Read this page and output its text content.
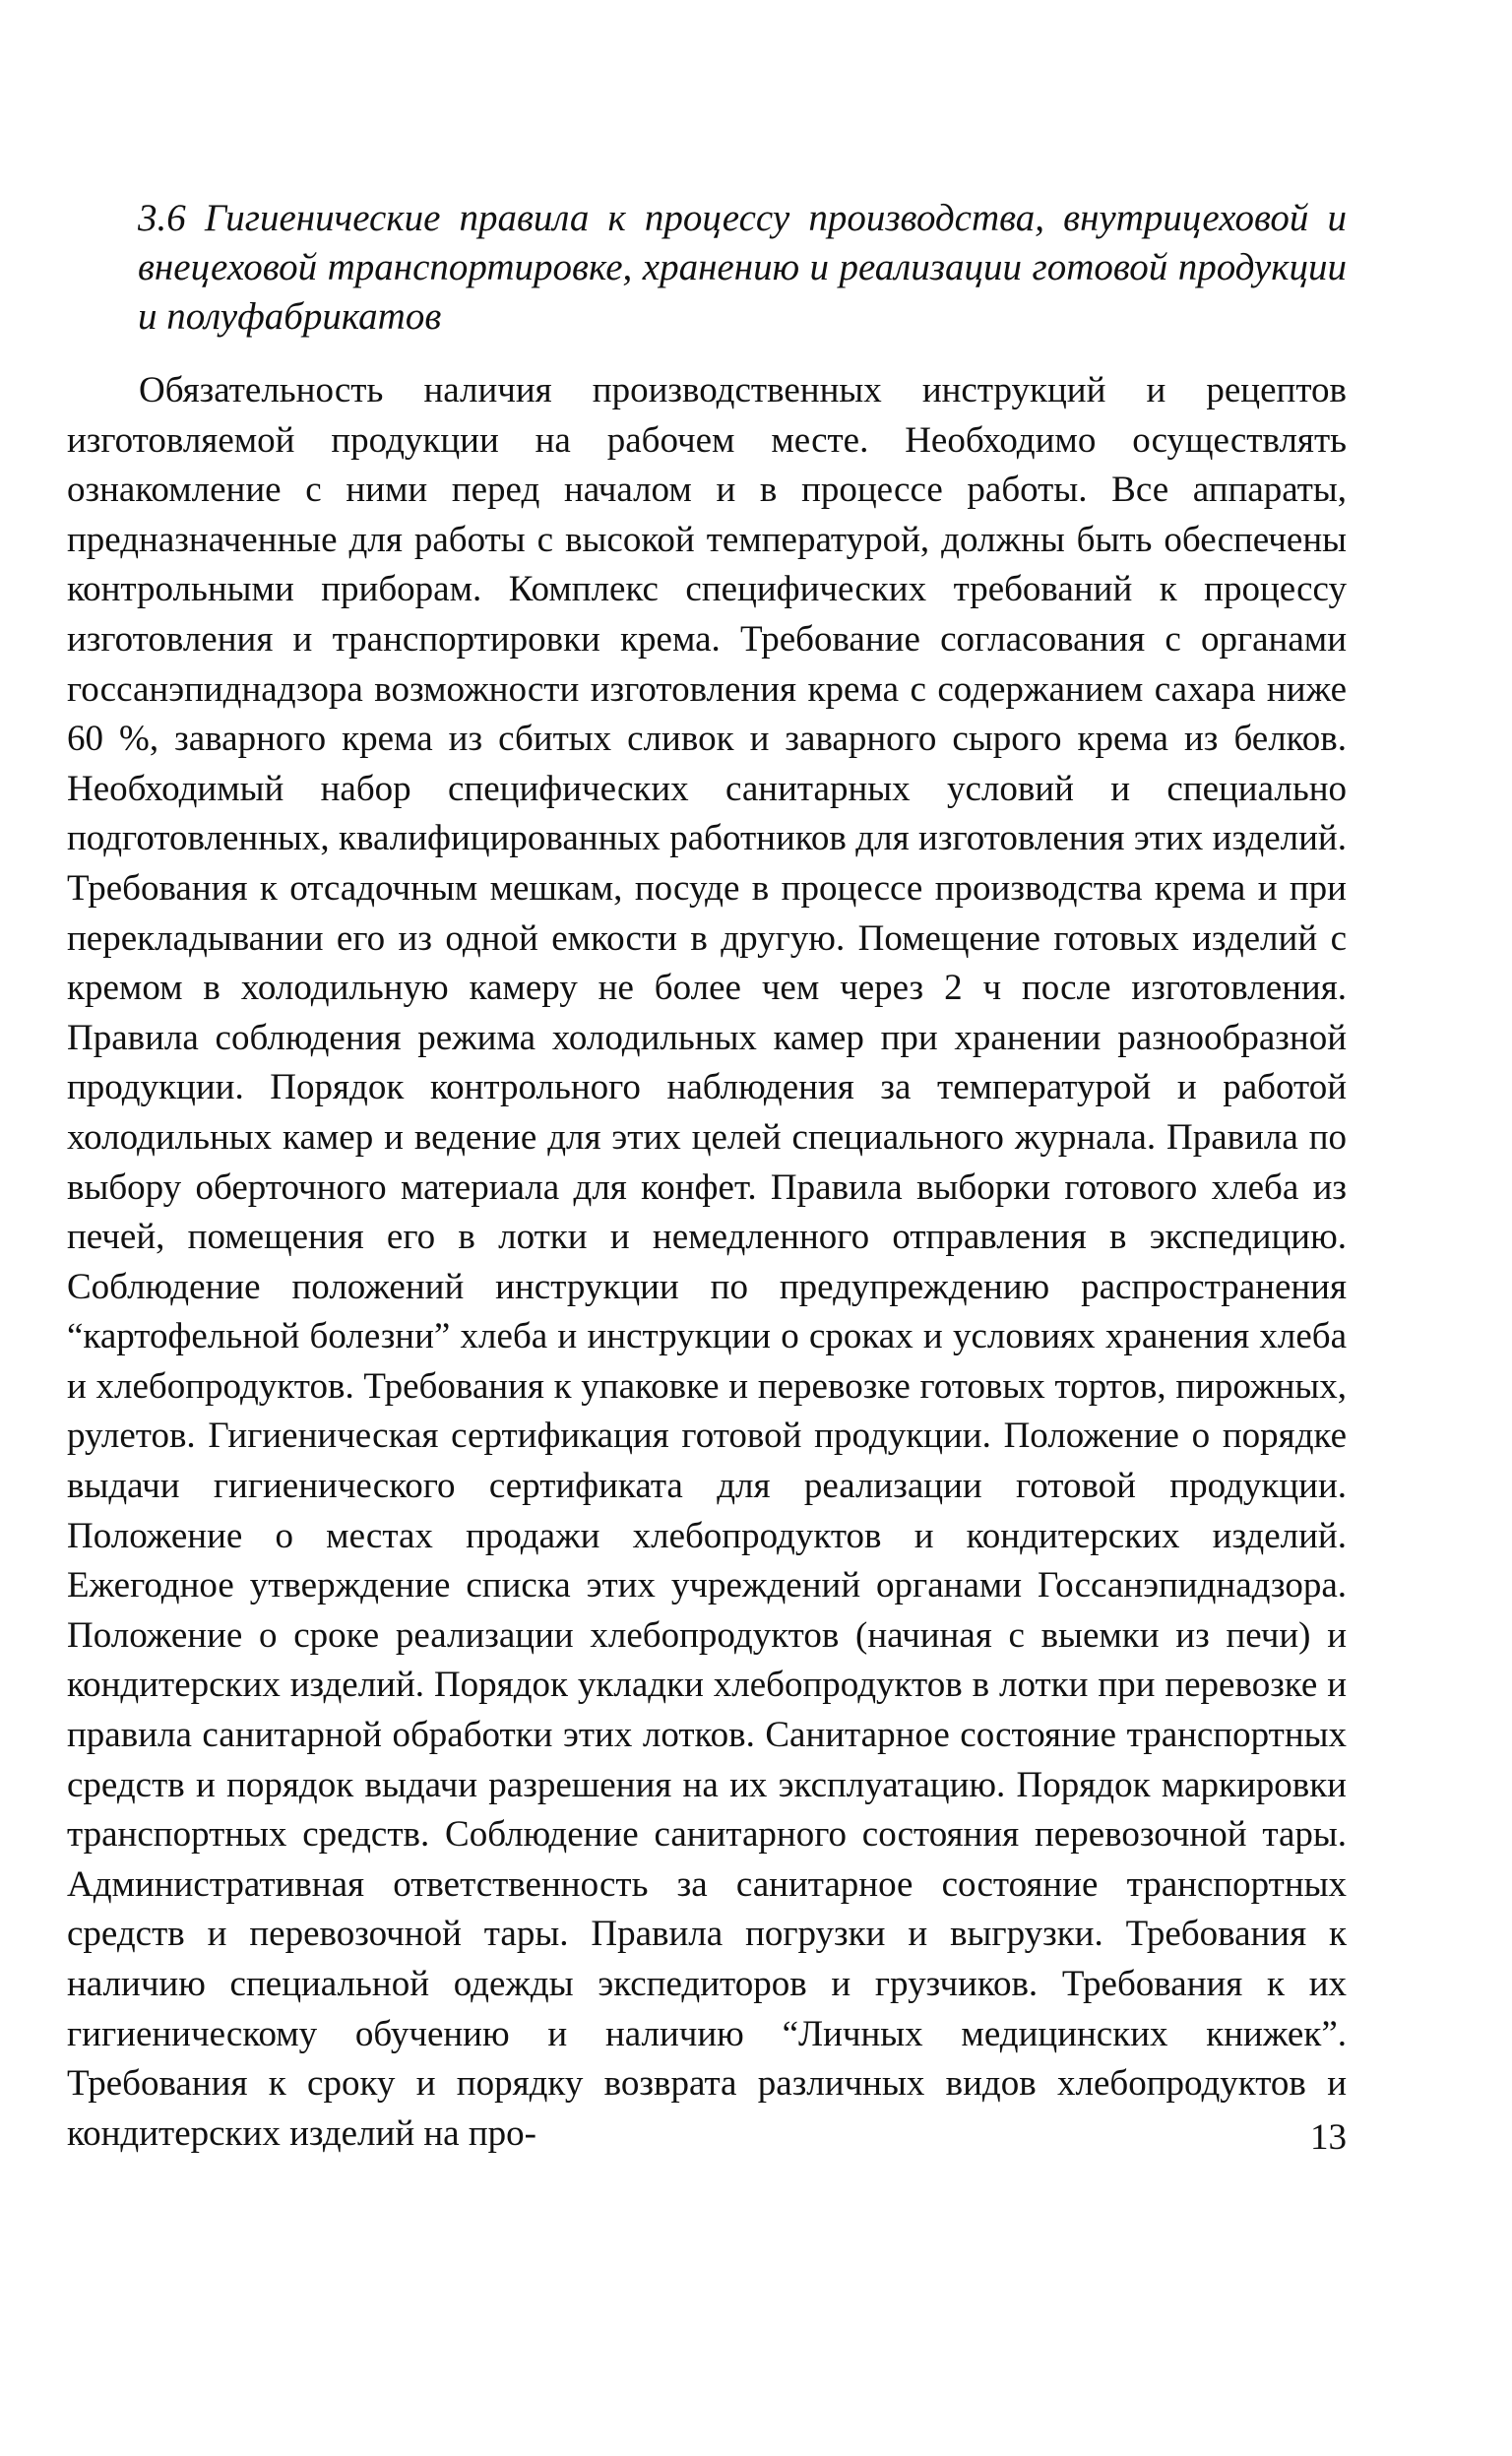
3.6 Гигиенические правила к процессу производства, внутрицеховой и внецеховой транспортировке, хранению и реализации готовой продукции и полуфабрикатов

Обязательность наличия производственных инструкций и рецептов изготовляемой продукции на рабочем месте. Необходимо осуществлять ознакомление с ними перед началом и в процессе работы. Все аппараты, предназначенные для работы с высокой температурой, должны быть обеспечены контрольными приборам. Комплекс специфических требований к процессу изготовления и транспортировки крема. Требование согласования с органами госсанэпиднадзора возможности изготовления крема с содержанием сахара ниже 60 %, заварного крема из сбитых сливок и заварного сырого крема из белков. Необходимый набор специфических санитарных условий и специально подготовленных, квалифицированных работников для изготовления этих изделий. Требования к отсадочным мешкам, посуде в процессе производства крема и при перекладывании его из одной емкости в другую. Помещение готовых изделий с кремом в холодильную камеру не более чем через 2 ч после изготовления. Правила соблюдения режима холодильных камер при хранении разнообразной продукции. Порядок контрольного наблюдения за температурой и работой холодильных камер и ведение для этих целей специального журнала. Правила по выбору оберточного материала для конфет. Правила выборки готового хлеба из печей, помещения его в лотки и немедленного отправления в экспедицию. Соблюдение положений инструкции по предупреждению распространения “картофельной болезни” хлеба и инструкции о сроках и условиях хранения хлеба и хлебопродуктов. Требования к упаковке и перевозке готовых тортов, пирожных, рулетов. Гигиеническая сертификация готовой продукции. Положение о порядке выдачи гигиенического сертификата для реализации готовой продукции. Положение о местах продажи хлебопродуктов и кондитерских изделий. Ежегодное утверждение списка этих учреждений органами Госсанэпиднадзора. Положение о сроке реализации хлебопродуктов (начиная с выемки из печи) и кондитерских изделий. Порядок укладки хлебопродуктов в лотки при перевозке и правила санитарной обработки этих лотков. Санитарное состояние транспортных средств и порядок выдачи разрешения на их эксплуатацию. Порядок маркировки транспортных средств. Соблюдение санитарного состояния перевозочной тары. Административная ответственность за санитарное состояние транспортных средств и перевозочной тары. Правила погрузки и выгрузки. Требования к наличию специальной одежды экспедиторов и грузчиков. Требования к их гигиеническому обучению и наличию “Личных медицинских книжек”. Требования к сроку и порядку возврата различных видов хлебопродуктов и кондитерских изделий на про-	13
